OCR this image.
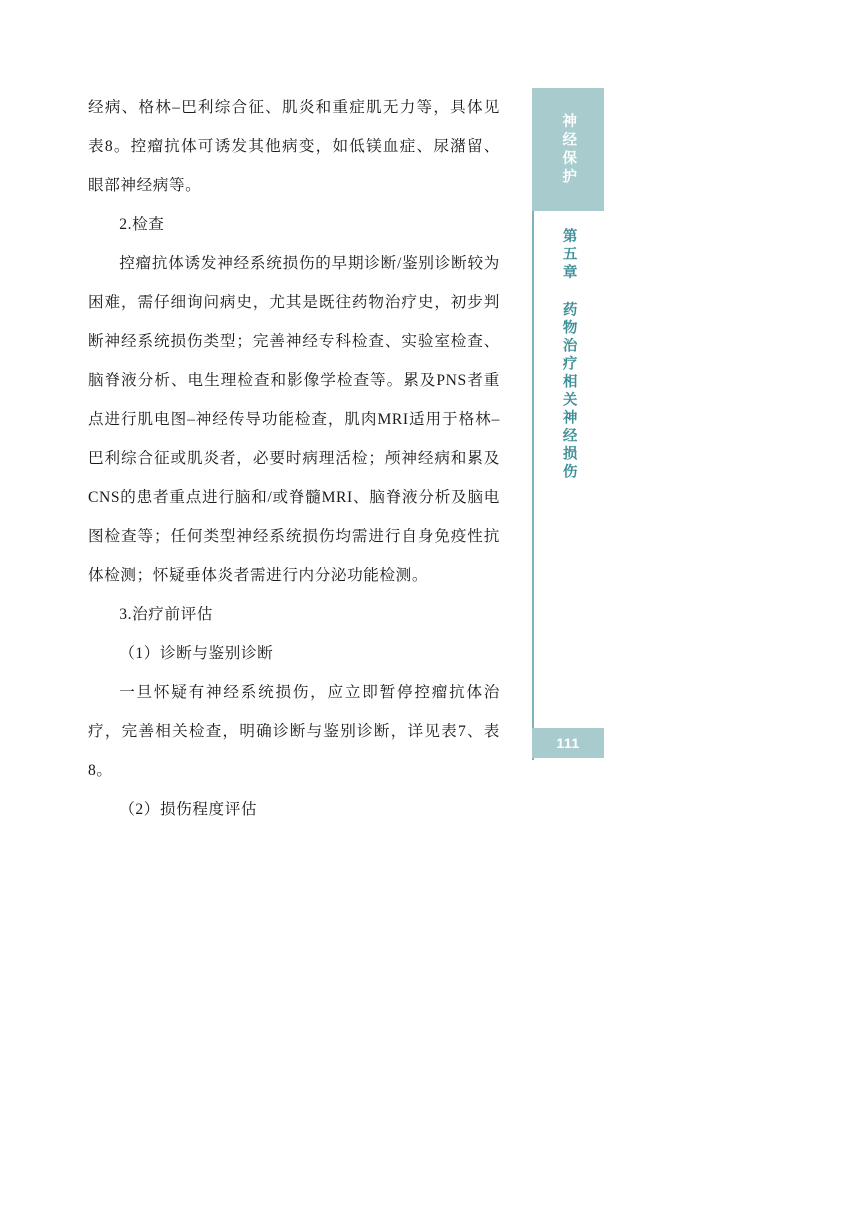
经病、格林–巴利综合征、肌炎和重症肌无力等，具体见表8。控瘤抗体可诱发其他病变，如低镁血症、尿潴留、眼部神经病等。

2.检查

控瘤抗体诱发神经系统损伤的早期诊断/鉴别诊断较为困难，需仔细询问病史，尤其是既往药物治疗史，初步判断神经系统损伤类型；完善神经专科检查、实验室检查、脑脊液分析、电生理检查和影像学检查等。累及PNS者重点进行肌电图–神经传导功能检查，肌肉MRI适用于格林–巴利综合征或肌炎者，必要时病理活检；颅神经病和累及CNS的患者重点进行脑和/或脊髓MRI、脑脊液分析及脑电图检查等；任何类型神经系统损伤均需进行自身免疫性抗体检测；怀疑垂体炎者需进行内分泌功能检测。

3.治疗前评估

（1）诊断与鉴别诊断

一旦怀疑有神经系统损伤，应立即暂停控瘤抗体治疗，完善相关检查，明确诊断与鉴别诊断，详见表7、表8。

（2）损伤程度评估

神经保护
第五章 药物治疗相关神经损伤
111
